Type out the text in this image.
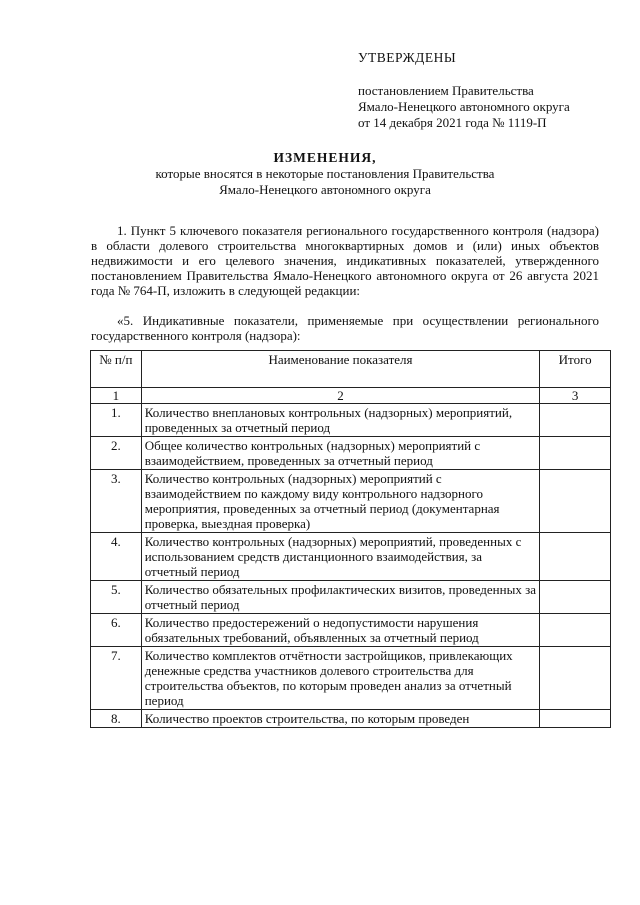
УТВЕРЖДЕНЫ
постановлением Правительства
Ямало-Ненецкого автономного округа
от 14 декабря 2021 года № 1119-П
ИЗМЕНЕНИЯ,
которые вносятся в некоторые постановления Правительства
Ямало-Ненецкого автономного округа
1. Пункт 5 ключевого показателя регионального государственного контроля (надзора) в области долевого строительства многоквартирных домов и (или) иных объектов недвижимости и его целевого значения, индикативных показателей, утвержденного постановлением Правительства Ямало-Ненецкого автономного округа от 26 августа 2021 года № 764-П, изложить в следующей редакции:
«5. Индикативные показатели, применяемые при осуществлении регионального государственного контроля (надзора):
№ п/п	Наименование показателя	Итого
1	2	3
1.	Количество внеплановых контрольных (надзорных) мероприятий, проведенных за отчетный период	
2.	Общее количество контрольных (надзорных) мероприятий с взаимодействием, проведенных за отчетный период	
3.	Количество контрольных (надзорных) мероприятий с взаимодействием по каждому виду контрольного надзорного мероприятия, проведенных за отчетный период (документарная проверка, выездная проверка)	
4.	Количество контрольных (надзорных) мероприятий, проведенных с использованием средств дистанционного взаимодействия, за отчетный период	
5.	Количество обязательных профилактических визитов, проведенных за отчетный период	
6.	Количество предостережений о недопустимости нарушения обязательных требований, объявленных за отчетный период	
7.	Количество комплектов отчётности застройщиков, привлекающих денежные средства участников долевого строительства для строительства объектов, по которым проведен анализ за отчетный период	
8.	Количество проектов строительства, по которым проведен	
